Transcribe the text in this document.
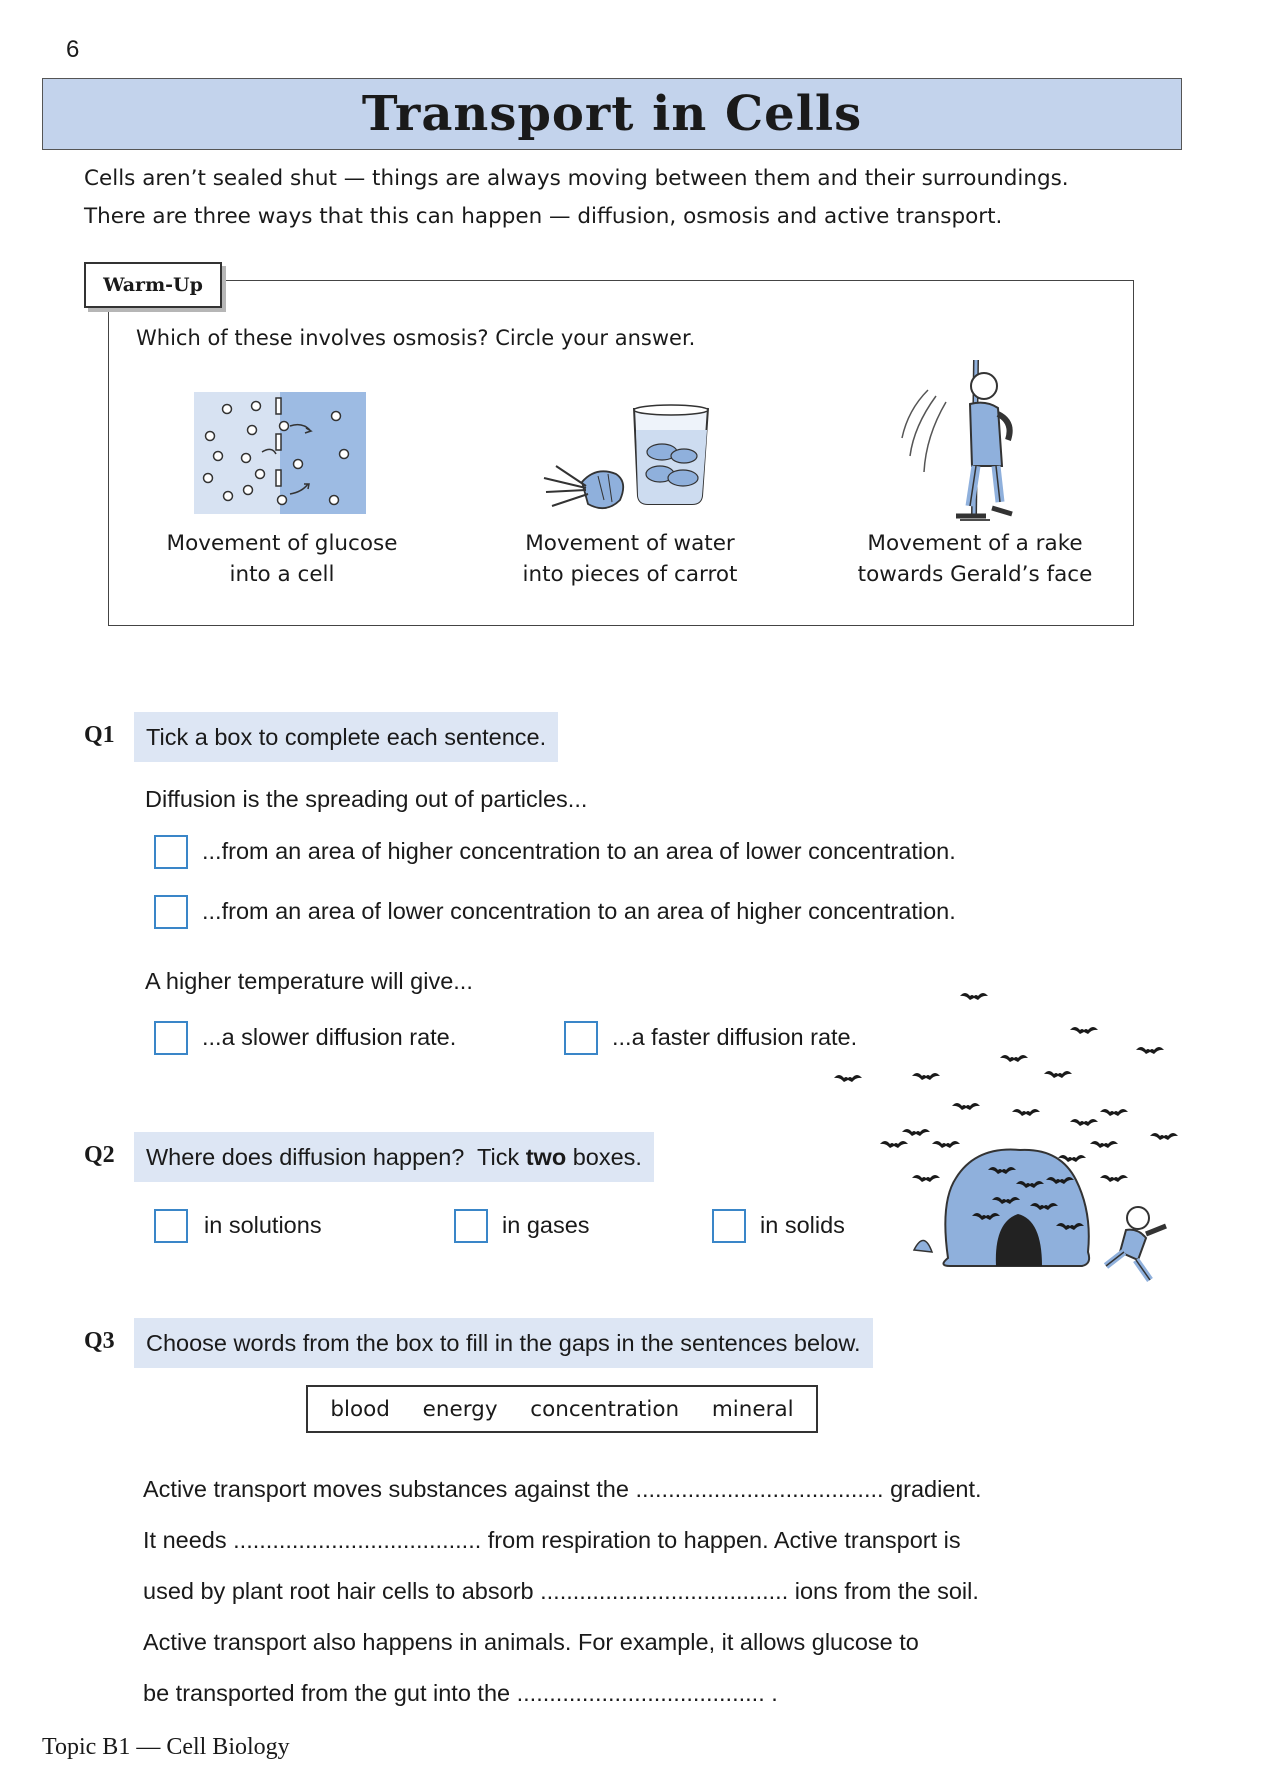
6
Transport in Cells
Cells aren’t sealed shut — things are always moving between them and their surroundings.
There are three ways that this can happen — diffusion, osmosis and active transport.
Warm-Up
Which of these involves osmosis? Circle your answer.
Movement of glucose
into a cell
Movement of water
into pieces of carrot
Movement of a rake
towards Gerald’s face
Q1	Tick a box to complete each sentence.
Diffusion is the spreading out of particles...
...from an area of higher concentration to an area of lower concentration.
...from an area of lower concentration to an area of higher concentration.
A higher temperature will give...
...a slower diffusion rate.	...a faster diffusion rate.
Q2 Where does diffusion happen?  Tick two boxes.
in solutions	in gases	in solids
Q3	Choose words from the box to fill in the gaps in the sentences below.
blood energy concentration mineral
Active transport moves substances against the ...................................... gradient.
It needs ...................................... from respiration to happen. Active transport is
used by plant root hair cells to absorb ...................................... ions from the soil.
Active transport also happens in animals. For example, it allows glucose to
be transported from the gut into the ...................................... .
Topic B1 — Cell Biology
